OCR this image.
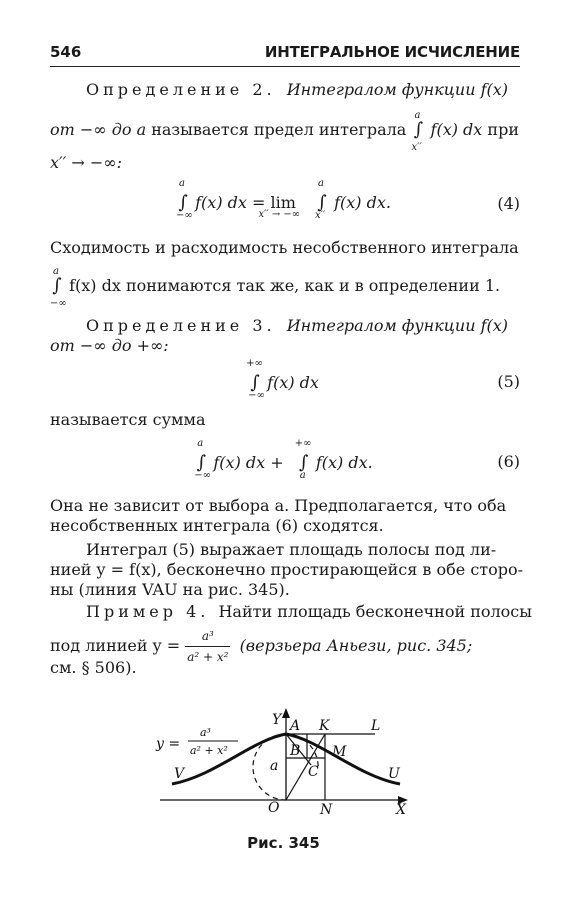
546	ИНТЕГРАЛЬНОЕ ИСЧИСЛЕНИЕ
Определение 2. Интегралом функции f(x)
от −∞ до a называется предел интеграла ∫
a
x′′
f(x) dx при
x′′ → −∞:
∫
a
−∞
f(x) dx = lim
x′′ → −∞
∫
a
x′′
f(x) dx.	(4)
Сходимость и расходимость несобственного интеграла
∫
a
−∞
f(x) dx понимаются так же, как и в определении 1.
Определение 3. Интегралом функции f(x)
от −∞ до +∞:
∫
+∞
−∞
f(x) dx	(5)
называется сумма
∫
a
−∞
f(x) dx + ∫
+∞
a
f(x) dx.	(6)
Она не зависит от выбора a. Предполагается, что оба
несобственных интеграла (6) сходятся.
Интеграл (5) выражает площадь полосы под ли-
нией y = f(x), бесконечно простирающейся в обе сторо-
ны (линия VAU на рис. 345).
Пример 4. Найти площадь бесконечной полосы
под линией $y = \frac{\text{a³}}{\text{a² + x²}}$ (верзьера Аньези, рис. 345;
см. § 506).
y =
a³
a² + x²
Y A K	L
B M
C
V	U
a
O	N	X
Рис. 345
